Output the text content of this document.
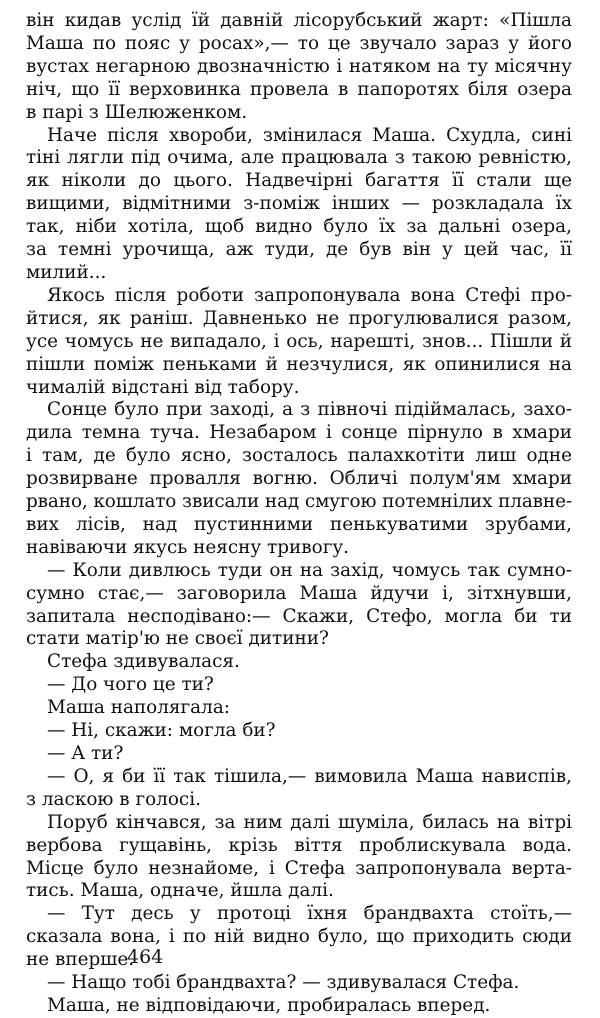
він кидав услід їй давній лісорубський жарт: «Пішла
Маша по пояс у росах»,— то це звучало зараз у його
вустах негарною двозначністю і натяком на ту місячну
ніч, що її верховинка провела в папоротях біля озера
в парі з Шелюженком.
Наче після хвороби, змінилася Маша. Схудла, сині
тіні лягли під очима, але працювала з такою ревністю,
як ніколи до цього. Надвечірні багаття її стали ще
вищими, відмітними з-поміж інших — розкладала їх
так, ніби хотіла, щоб видно було їх за дальні озера,
за темні урочища, аж туди, де був він у цей час, її
милий...
Якось після роботи запропонувала вона Стефі про-
йтися, як раніш. Давненько не прогулювалися разом,
усе чомусь не випадало, і ось, нарешті, знов... Пішли й
пішли поміж пеньками й незчулися, як опинилися на
чималій відстані від табору.
Сонце було при заході, а з півночі підіймалась, захо-
дила темна туча. Незабаром і сонце пірнуло в хмари
і там, де було ясно, зосталось палахкотіти лиш одне
розвирване провалля вогню. Обличі полум'ям хмари
рвано, кошлато звисали над смугою потемнілих плавне-
вих лісів, над пустинними пенькуватими зрубами,
навіваючи якусь неясну тривогу.
— Коли дивлюсь туди он на захід, чомусь так сумно-
сумно стає,— заговорила Маша йдучи і, зітхнувши,
запитала несподівано:— Скажи, Стефо, могла би ти
стати матір'ю не своєї дитини?
Стефа здивувалася.
— До чого це ти?
Маша наполягала:
— Ні, скажи: могла би?
— А ти?
— О, я би її так тішила,— вимовила Маша нависпів,
з ласкою в голосі.
Поруб кінчався, за ним далі шуміла, билась на вітрі
вербова гущавінь, крізь віття проблискувала вода.
Місце було незнайоме, і Стефа запропонувала верта-
тись. Маша, одначе, йшла далі.
— Тут десь у протоці їхня брандвахта стоїть,—
сказала вона, і по ній видно було, що приходить сюди
не вперше.
— Нащо тобі брандвахта? — здивувалася Стефа.
Маша, не відповідаючи, пробиралась вперед.
464
